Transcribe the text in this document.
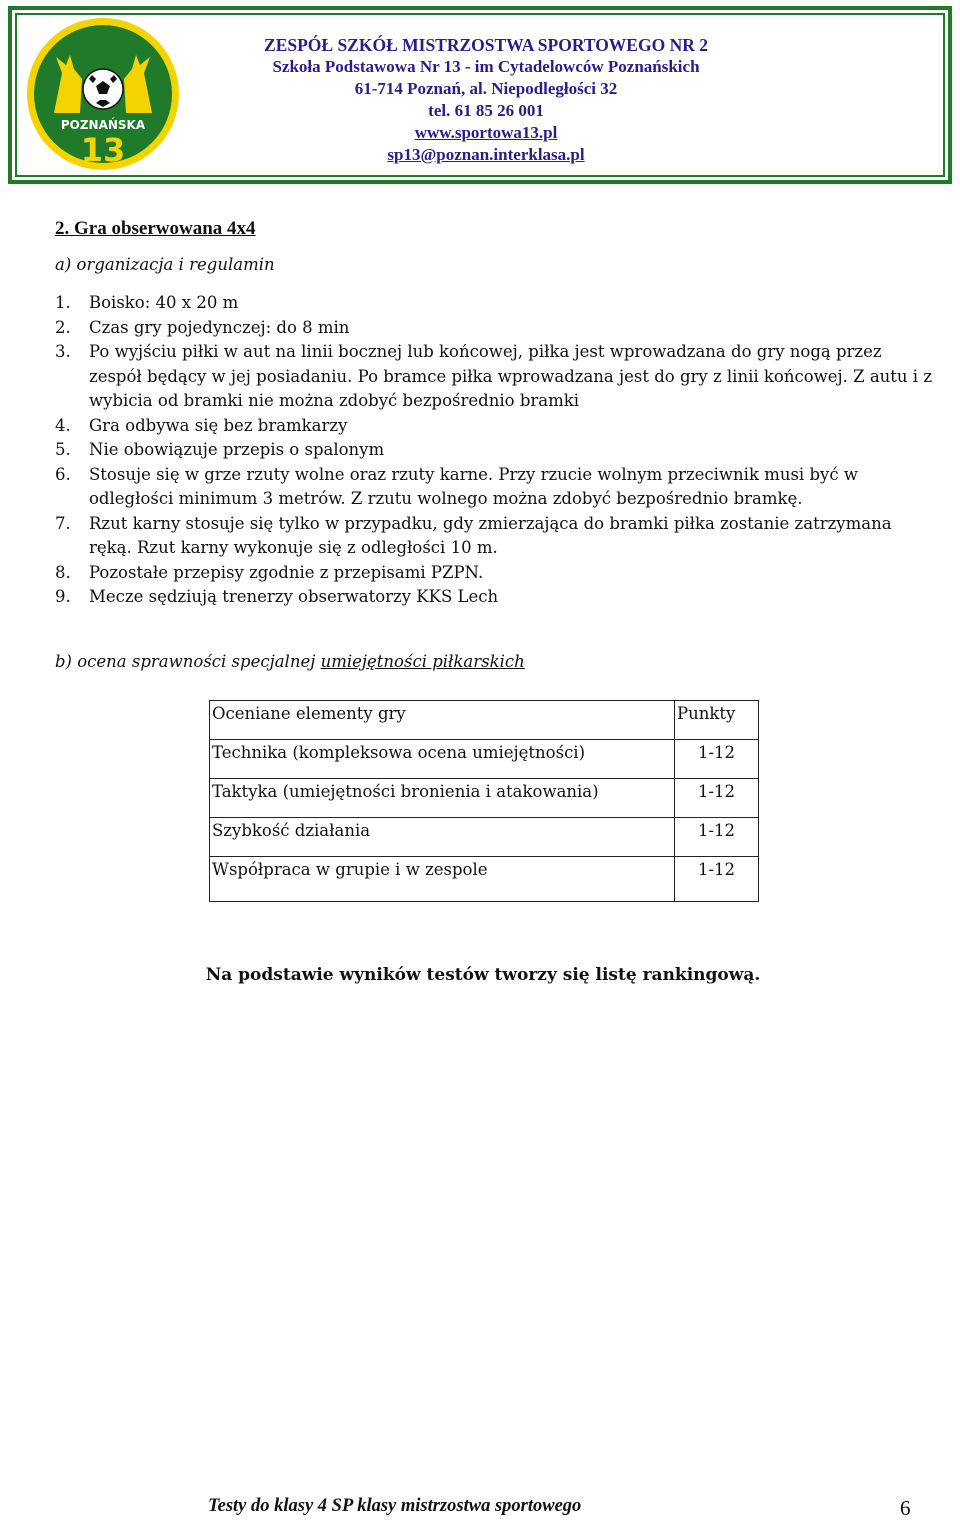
POZNAŃSKA
13
ZESPÓŁ SZKÓŁ MISTRZOSTWA SPORTOWEGO NR 2
Szkoła Podstawowa Nr 13 - im Cytadelowców Poznańskich
61-714 Poznań, al. Niepodległości 32
tel. 61 85 26 001
www.sportowa13.pl
sp13@poznan.interklasa.pl
2. Gra obserwowana 4x4
a) organizacja i regulamin
1. Boisko: 40 x 20 m
2. Czas gry pojedynczej: do 8 min
3. Po wyjściu piłki w aut na linii bocznej lub końcowej, piłka jest wprowadzana do gry nogą przez zespół będący w jej posiadaniu. Po bramce piłka wprowadzana jest do gry z linii końcowej. Z autu i z wybicia od bramki nie można zdobyć bezpośrednio bramki
4. Gra odbywa się bez bramkarzy
5. Nie obowiązuje przepis o spalonym
6. Stosuje się w grze rzuty wolne oraz rzuty karne. Przy rzucie wolnym przeciwnik musi być w odległości minimum 3 metrów. Z rzutu wolnego można zdobyć bezpośrednio bramkę.
7. Rzut karny stosuje się tylko w przypadku, gdy zmierzająca do bramki piłka zostanie zatrzymana ręką. Rzut karny wykonuje się z odległości 10 m.
8. Pozostałe przepisy zgodnie z przepisami PZPN.
9. Mecze sędziują trenerzy obserwatorzy KKS Lech
b) ocena sprawności specjalnej umiejętności piłkarskich
Oceniane elementy gry	Punkty
Technika (kompleksowa ocena umiejętności)	1-12
Taktyka (umiejętności bronienia i atakowania)	1-12
Szybkość działania	1-12
Współpraca w grupie i w zespole	1-12
Na podstawie wyników testów tworzy się listę rankingową.
Testy do klasy 4 SP klasy mistrzostwa sportowego	6
